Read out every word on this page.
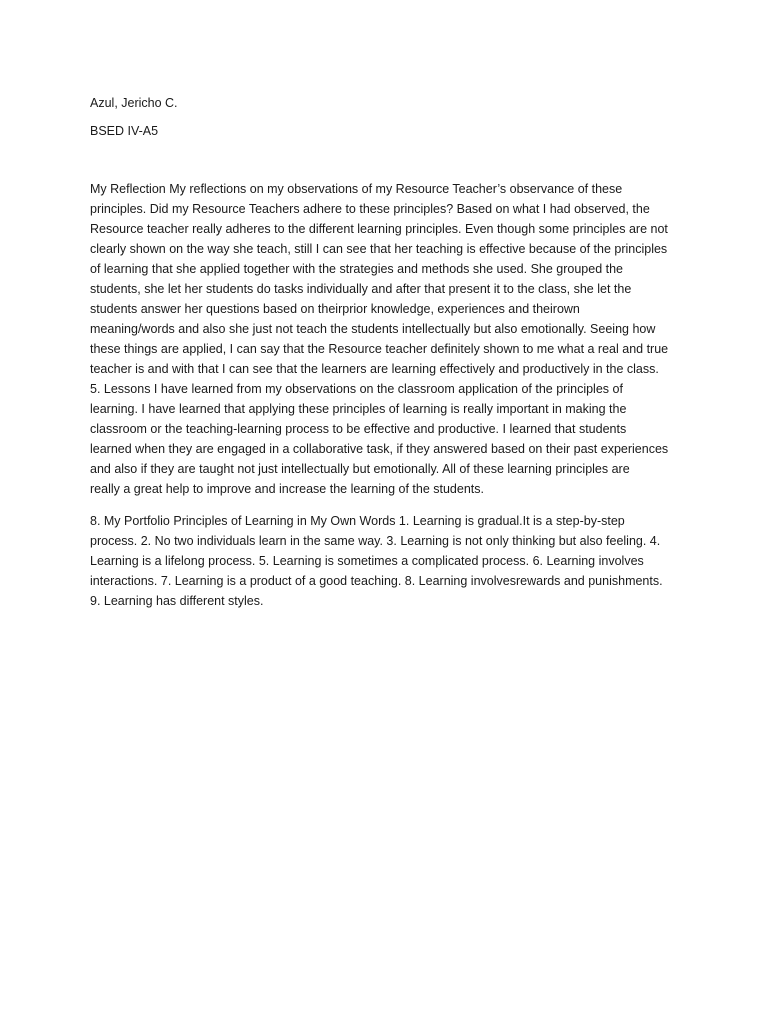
Azul, Jericho C.

BSED IV-A5

My Reflection My reflections on my observations of my Resource Teacher’s observance of these
principles. Did my Resource Teachers adhere to these principles? Based on what I had observed, the
Resource teacher really adheres to the different learning principles. Even though some principles are not
clearly shown on the way she teach, still I can see that her teaching is effective because of the principles
of learning that she applied together with the strategies and methods she used. She grouped the
students, she let her students do tasks individually and after that present it to the class, she let the
students answer her questions based on theirprior knowledge, experiences and theirown
meaning/words and also she just not teach the students intellectually but also emotionally. Seeing how
these things are applied, I can say that the Resource teacher definitely shown to me what a real and true
teacher is and with that I can see that the learners are learning effectively and productively in the class.
5. Lessons I have learned from my observations on the classroom application of the principles of
learning. I have learned that applying these principles of learning is really important in making the
classroom or the teaching-learning process to be effective and productive. I learned that students
learned when they are engaged in a collaborative task, if they answered based on their past experiences
and also if they are taught not just intellectually but emotionally. All of these learning principles are
really a great help to improve and increase the learning of the students.

8. My Portfolio Principles of Learning in My Own Words 1. Learning is gradual.It is a step-by-step
process. 2. No two individuals learn in the same way. 3. Learning is not only thinking but also feeling. 4.
Learning is a lifelong process. 5. Learning is sometimes a complicated process. 6. Learning involves
interactions. 7. Learning is a product of a good teaching. 8. Learning involvesrewards and punishments.
9. Learning has different styles.
